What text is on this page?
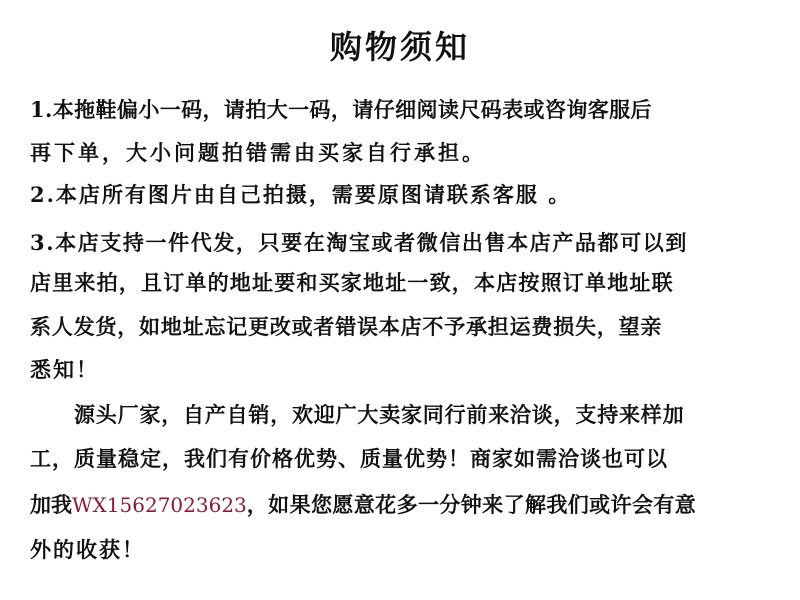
购物须知
1.本拖鞋偏小一码，请拍大一码，请仔细阅读尺码表或咨询客服后
再下单，大小问题拍错需由买家自行承担。
2.本店所有图片由自己拍摄，需要原图请联系客服 。
3.本店支持一件代发，只要在淘宝或者微信出售本店产品都可以到
店里来拍，且订单的地址要和买家地址一致，本店按照订单地址联
系人发货，如地址忘记更改或者错误本店不予承担运费损失，望亲
悉知！
源头厂家，自产自销，欢迎广大卖家同行前来洽谈，支持来样加
工，质量稳定，我们有价格优势、质量优势！商家如需洽谈也可以
加我WX15627023623，如果您愿意花多一分钟来了解我们或许会有意
外的收获！
